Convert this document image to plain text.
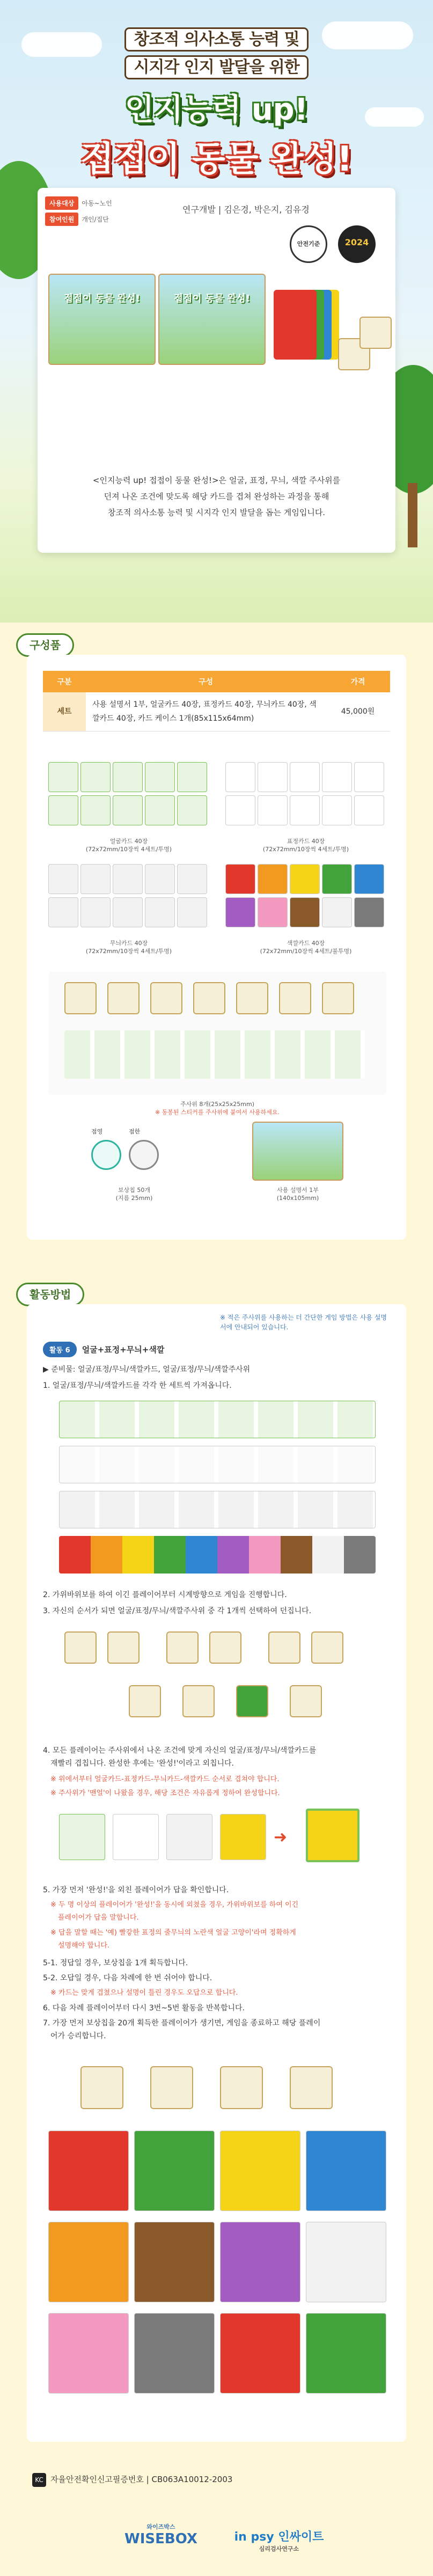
창조적 의사소통 능력 및
시지각 인지 발달을 위한
인지능력 up!
접접이 동물 완성!
연구개발 | 김은경, 박은지, 김유경
사용대상 아동~노인
참여인원 개인/집단
안전기준	2024
접접이 동물 완성!	접접이 동물 완성!
<인지능력 up! 접접이 동물 완성!>은 얼굴, 표정, 무늬, 색깔 주사위를
던져 나온 조건에 맞도록 해당 카드를 겹쳐 완성하는 과정을 통해
창조적 의사소통 능력 및 시지각 인지 발달을 돕는 게임입니다.
구성품
구분	구성	가격
세트	사용 설명서 1부, 얼굴카드 40장, 표정카드 40장, 무늬카드 40장, 색깔카드 40장, 카드 케이스 1개(85x115x64mm)	45,000원
얼굴카드 40장
(72x72mm/10장씩 4세트/투명)
표정카드 40장
(72x72mm/10장씩 4세트/투명)
무늬카드 40장
(72x72mm/10장씩 4세트/투명)
색깔카드 40장
(72x72mm/10장씩 4세트/불투명)
주사위 8개(25x25x25mm)
※ 동봉된 스티커를 주사위에 붙여서 사용하세요.
점영	점한
보상칩 50개
(지름 25mm)
사용 설명서 1부
(140x105mm)
활동방법
※ 적은 주사위를 사용하는 더 간단한 게임 방법은 사용 설명서에 안내되어 있습니다.
활동 6 얼굴+표정+무늬+색깔
▶ 준비물: 얼굴/표정/무늬/색깔카드, 얼굴/표정/무늬/색깔주사위
1. 얼굴/표정/무늬/색깔카드를 각각 한 세트씩 가져옵니다.
2. 가위바위보를 하여 이긴 플레이어부터 시계방향으로 게임을 진행합니다.
3. 자신의 순서가 되면 얼굴/표정/무늬/색깔주사위 중 각 1개씩 선택하여 던집니다.
4. 모든 플레이어는 주사위에서 나온 조건에 맞게 자신의 얼굴/표정/무늬/색깔카드를
재빨리 겹칩니다. 완성한 후에는 '완성!'이라고 외칩니다.
※ 위에서부터 얼굴카드-표정카드-무늬카드-색깔카드 순서로 겹쳐야 합니다.
※ 주사위가 '맨얼'이 나왔을 경우, 해당 조건은 자유롭게 정하여 완성합니다.
➜
5. 가장 먼저 '완성!'을 외친 플레이어가 답을 확인합니다.
※ 두 명 이상의 플레이어가 '완성!'을 동시에 외쳤을 경우, 가위바위보를 하여 이긴
플레이어가 답을 말합니다.
※ 답을 말할 때는 '예) 빨갛한 표정의 줄무늬의 노란색 얼굴 고양이'라며 정확하게
설명해야 합니다.
5-1. 정답일 경우, 보상칩을 1개 획득합니다.
5-2. 오답일 경우, 다음 차례에 한 번 쉬어야 합니다.
※ 카드는 맞게 겹쳤으나 설명이 틀린 경우도 오답으로 합니다.
6. 다음 차례 플레이어부터 다시 3번~5번 활동을 반복합니다.
7. 가장 먼저 보상칩을 20개 획득한 플레이어가 생기면, 게임을 종료하고 해당 플레이
어가 승리합니다.
KC 자율안전확인신고필증번호 | CB063A10012-2003
와이즈박스
WISEBOX	in psy 인싸이트
심리검사연구소
